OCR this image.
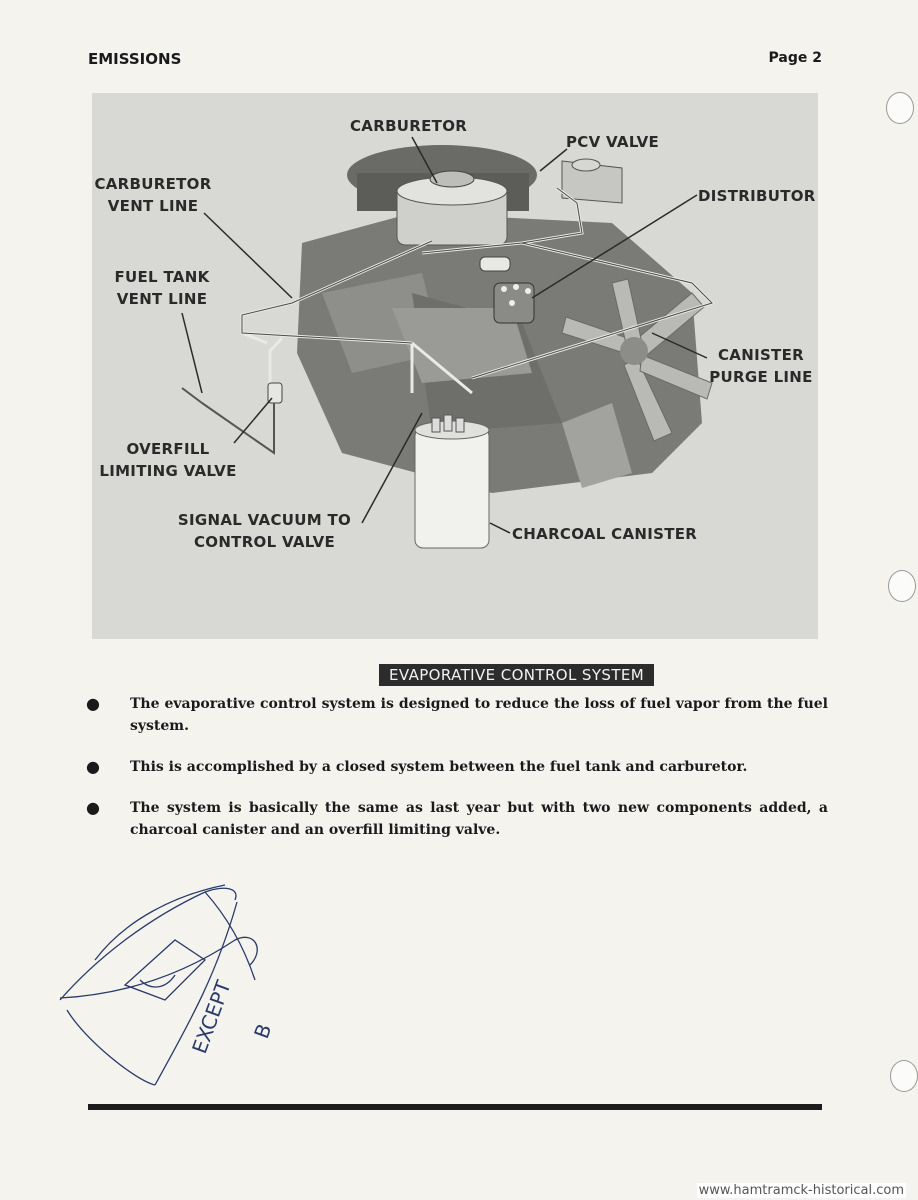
EMISSIONS	Page 2
CARBURETOR
PCV VALVE
CARBURETOR
VENT LINE
DISTRIBUTOR
FUEL TANK
VENT LINE
CANISTER
PURGE LINE
OVERFILL
LIMITING VALVE
SIGNAL VACUUM TO
CONTROL VALVE	CHARCOAL CANISTER
EVAPORATIVE CONTROL SYSTEM
●	The evaporative control system is designed to reduce the loss of fuel vapor from the fuel system.
●	This is accomplished by a closed system between the fuel tank and carburetor.
●	The system is basically the same as last year but with two new components added, a charcoal canister and an overfill limiting valve.
EXCEPT B
www.hamtramck-historical.com
